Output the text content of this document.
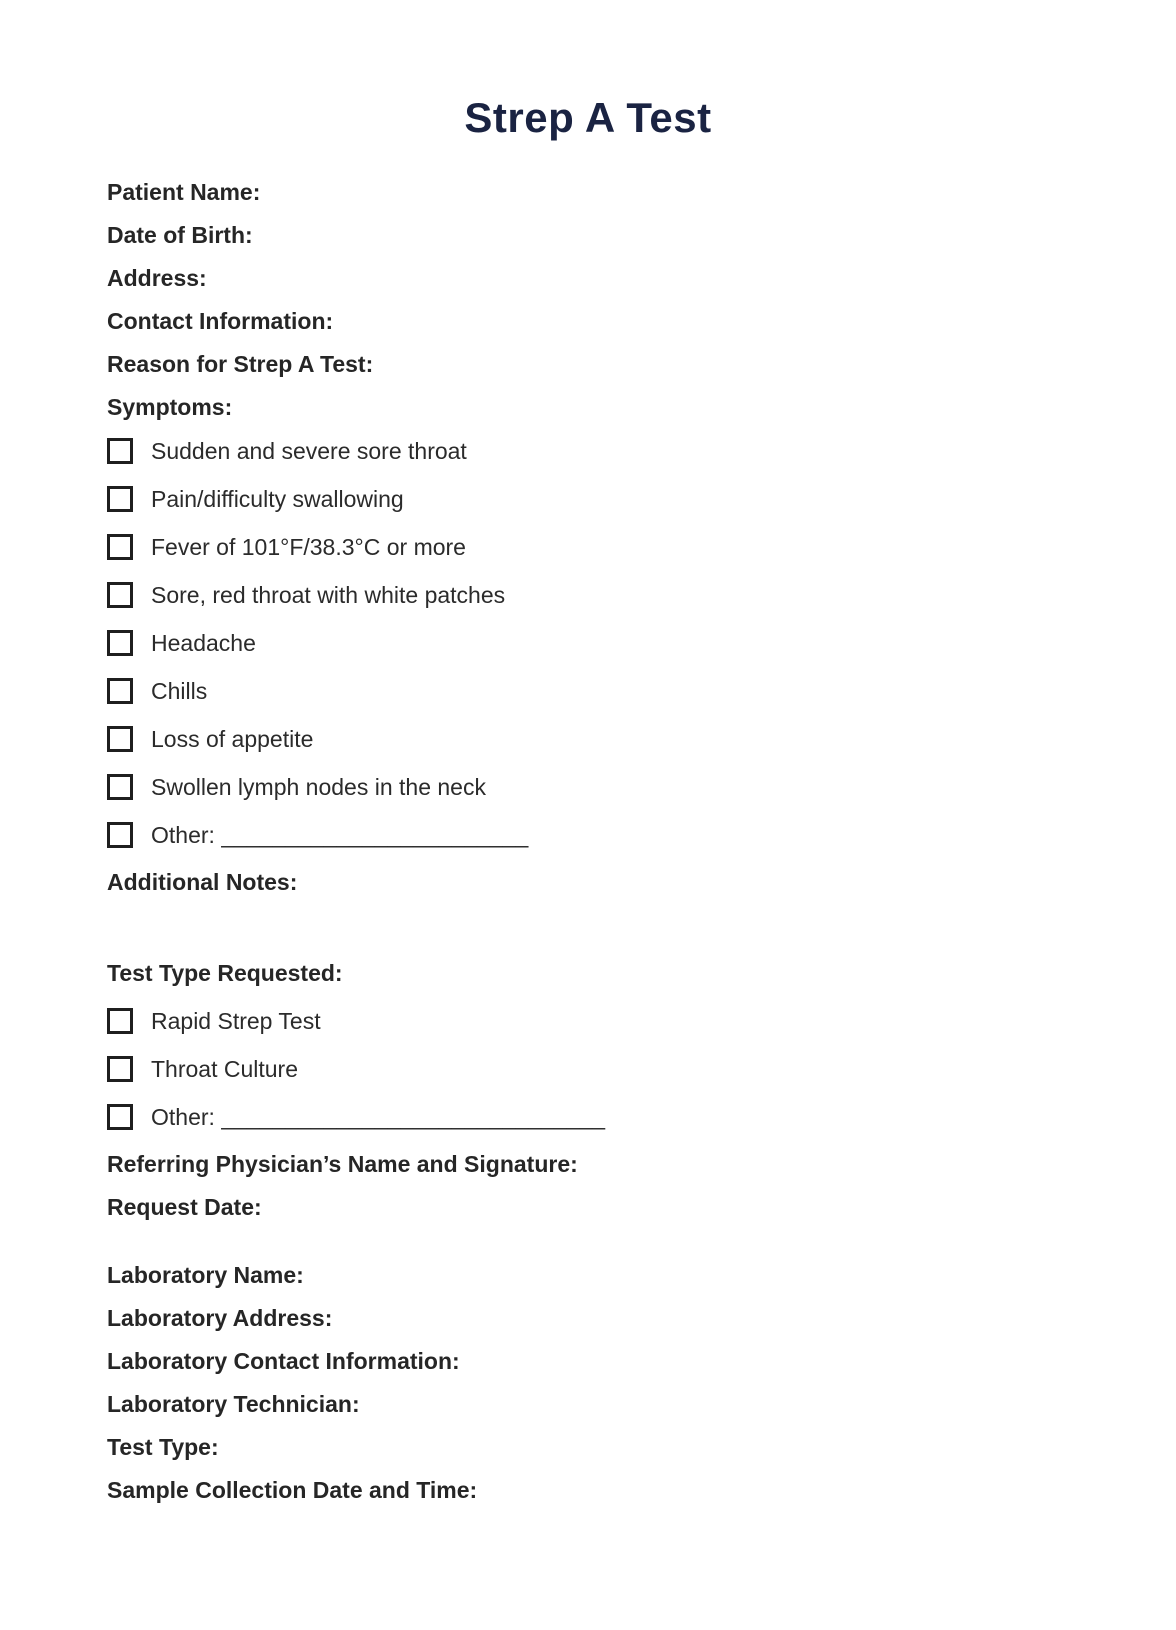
Strep A Test
Patient Name:
Date of Birth:
Address:
Contact Information:
Reason for Strep A Test:
Symptoms:
Sudden and severe sore throat
Pain/difficulty swallowing
Fever of 101°F/38.3°C or more
Sore, red throat with white patches
Headache
Chills
Loss of appetite
Swollen lymph nodes in the neck
Other: ________________________
Additional Notes:
Test Type Requested:
Rapid Strep Test
Throat Culture
Other: ______________________________
Referring Physician’s Name and Signature:
Request Date:
Laboratory Name:
Laboratory Address:
Laboratory Contact Information:
Laboratory Technician:
Test Type:
Sample Collection Date and Time:
